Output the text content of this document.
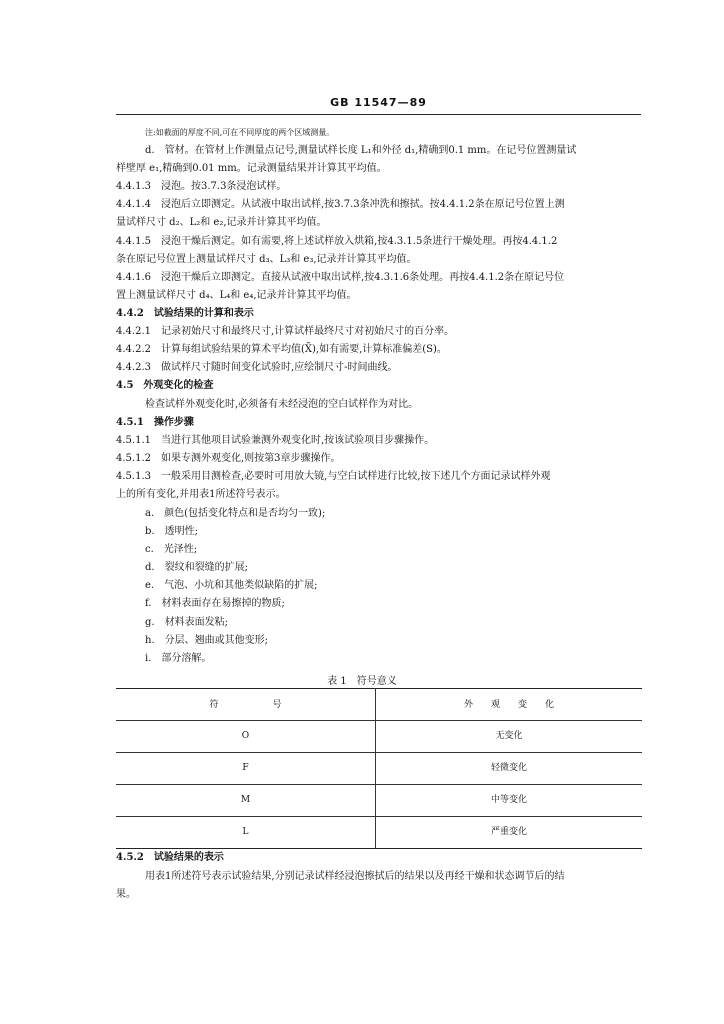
GB 11547—89
注:如截面的厚度不同,可在不同厚度的两个区域测量。
d.　管材。在管材上作测量点记号,测量试样长度 L₁和外径 d₁,精确到0.1 mm。在记号位置测量试
样壁厚 e₁,精确到0.01 mm。记录测量结果并计算其平均值。
4.4.1.3　浸泡。按3.7.3条浸泡试样。
4.4.1.4　浸泡后立即测定。从试液中取出试样,按3.7.3条冲洗和擦拭。按4.4.1.2条在原记号位置上测
量试样尺寸 d₂、L₂和 e₂,记录并计算其平均值。
4.4.1.5　浸泡干燥后测定。如有需要,将上述试样放入烘箱,按4.3.1.5条进行干燥处理。再按4.4.1.2
条在原记号位置上测量试样尺寸 d₃、L₃和 e₃,记录并计算其平均值。
4.4.1.6　浸泡干燥后立即测定。直接从试液中取出试样,按4.3.1.6条处理。再按4.4.1.2条在原记号位
置上测量试样尺寸 d₄、L₄和 e₄,记录并计算其平均值。
4.4.2　试验结果的计算和表示
4.4.2.1　记录初始尺寸和最终尺寸,计算试样最终尺寸对初始尺寸的百分率。
4.4.2.2　计算每组试验结果的算术平均值(X̄),如有需要,计算标准偏差(S)。
4.4.2.3　做试样尺寸随时间变化试验时,应绘制尺寸-时间曲线。
4.5　外观变化的检查
检查试样外观变化时,必须备有未经浸泡的空白试样作为对比。
4.5.1　操作步骤
4.5.1.1　当进行其他项目试验兼测外观变化时,按该试验项目步骤操作。
4.5.1.2　如果专测外观变化,则按第3章步骤操作。
4.5.1.3　一般采用目测检查,必要时可用放大镜,与空白试样进行比较,按下述几个方面记录试样外观
上的所有变化,并用表1所述符号表示。
a.　颜色(包括变化特点和是否均匀一致);
b.　透明性;
c.　光泽性;
d.　裂纹和裂缝的扩展;
e.　气泡、小坑和其他类似缺陷的扩展;
f.　材料表面存在易擦掉的物质;
g.　材料表面发粘;
h.　分层、翘曲或其他变形;
i.　部分溶解。
表 1　符号意义
符　　　　　　号	外　　观　　变　　化
O	无变化
F	轻微变化
M	中等变化
L	严重变化
4.5.2　试验结果的表示
用表1所述符号表示试验结果,分别记录试样经浸泡擦拭后的结果以及再经干燥和状态调节后的结
果。
